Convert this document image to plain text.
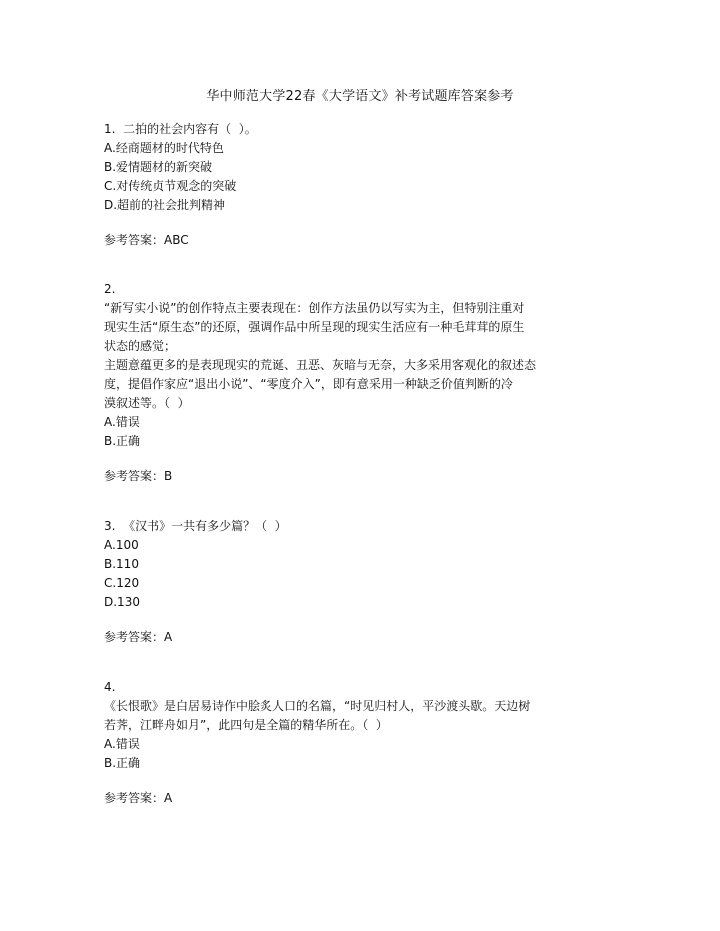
华中师范大学22春《大学语文》补考试题库答案参考
1.  二拍的社会内容有（  ）。
A.经商题材的时代特色
B.爱情题材的新突破
C.对传统贞节观念的突破
D.超前的社会批判精神
参考答案：ABC
2.
“新写实小说”的创作特点主要表现在：创作方法虽仍以写实为主，但特别注重对
现实生活“原生态”的还原，强调作品中所呈现的现实生活应有一种毛茸茸的原生
状态的感觉；
主题意蕴更多的是表现现实的荒诞、丑恶、灰暗与无奈，大多采用客观化的叙述态
度，提倡作家应“退出小说”、“零度介入”，即有意采用一种缺乏价值判断的冷
漠叙述等。（  ）
A.错误
B.正确
参考答案：B
3.  《汉书》一共有多少篇？（  ）
A.100
B.110
C.120
D.130
参考答案：A
4.
《长恨歌》是白居易诗作中脍炙人口的名篇，“时见归村人，平沙渡头歇。天边树
若荠，江畔舟如月”，此四句是全篇的精华所在。（  ）
A.错误
B.正确
参考答案：A
